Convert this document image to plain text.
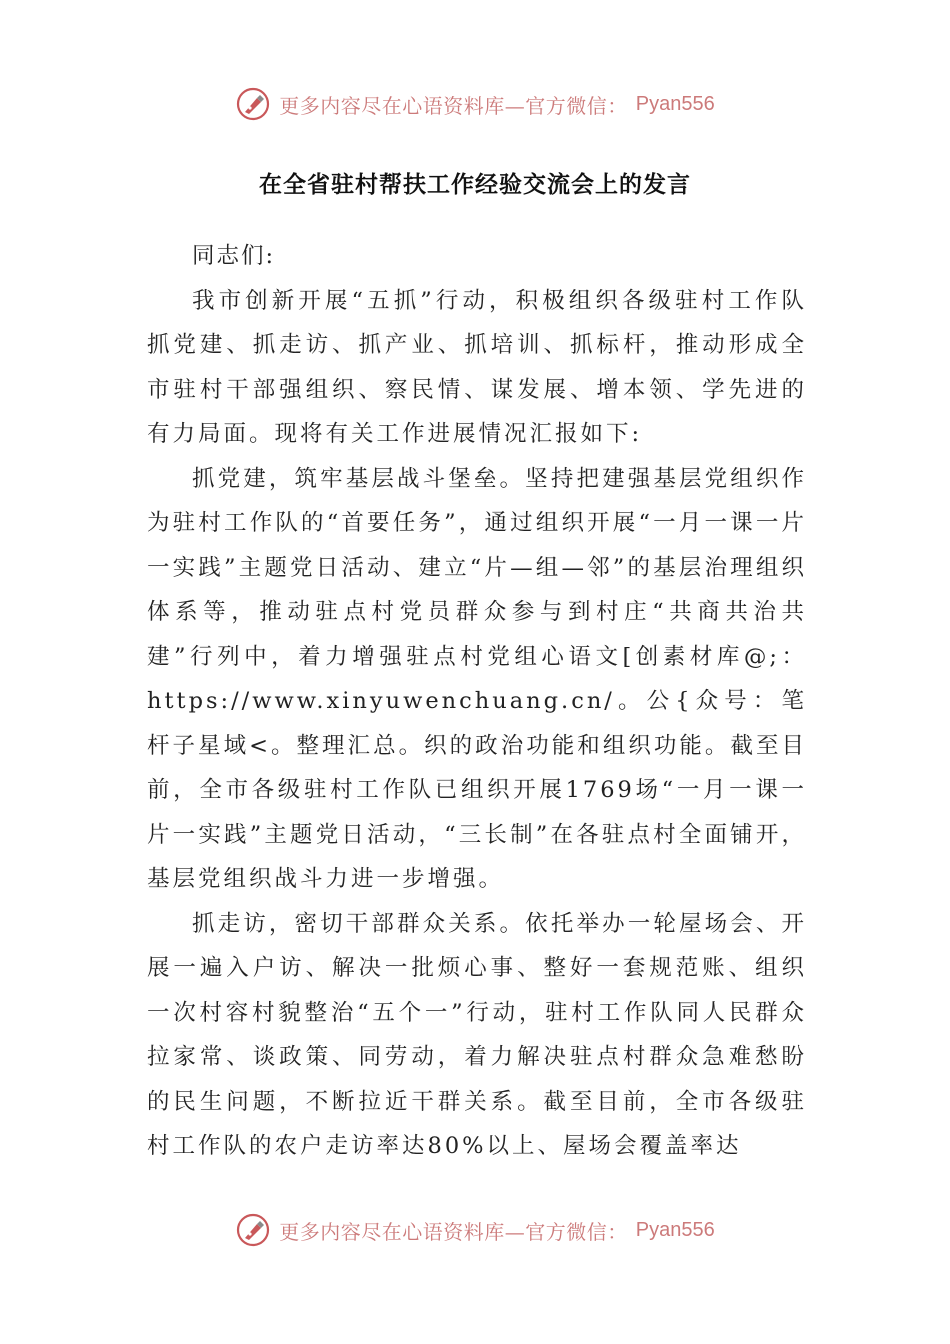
更多内容尽在心语资料库—官方微信： Pyan556
在全省驻村帮扶工作经验交流会上的发言

同志们:

我市创新开展“五抓”行动，积极组织各级驻村工作队抓党建、抓走访、抓产业、抓培训、抓标杆，推动形成全市驻村干部强组织、察民情、谋发展、增本领、学先进的有力局面。现将有关工作进展情况汇报如下:

抓党建，筑牢基层战斗堡垒。坚持把建强基层党组织作为驻村工作队的“首要任务”，通过组织开展“一月一课一片一实践”主题党日活动、建立“片—组—邻”的基层治理组织体系等，推动驻点村党员群众参与到村庄“共商共治共建”行列中，着力增强驻点村党组心语文[创素材库@;：https://www.xinyuwenchuang.cn/。公{众号：笔杆子星域<。整理汇总。织的政治功能和组织功能。截至目前，全市各级驻村工作队已组织开展1769场“一月一课一片一实践”主题党日活动，“三长制”在各驻点村全面铺开，基层党组织战斗力进一步增强。

抓走访，密切干部群众关系。依托举办一轮屋场会、开展一遍入户访、解决一批烦心事、整好一套规范账、组织一次村容村貌整治“五个一”行动，驻村工作队同人民群众拉家常、谈政策、同劳动，着力解决驻点村群众急难愁盼的民生问题，不断拉近干群关系。截至目前，全市各级驻村工作队的农户走访率达80%以上、屋场会覆盖率达

更多内容尽在心语资料库—官方微信： Pyan556
